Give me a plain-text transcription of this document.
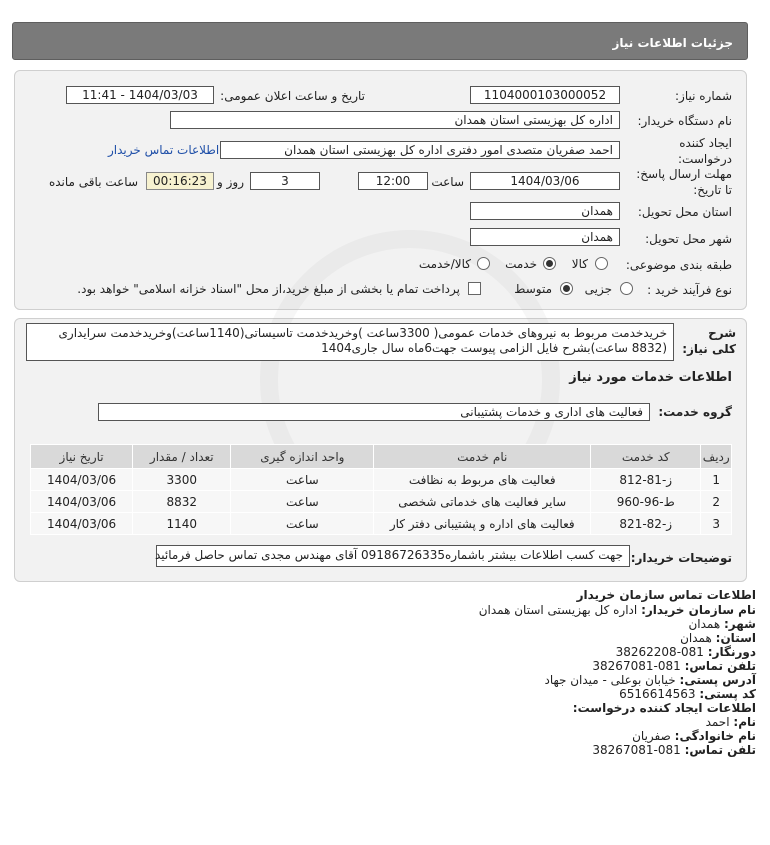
جزئیات اطلاعات نیاز
شماره نیاز:
1104000103000052
تاریخ و ساعت اعلان عمومی:
1404/03/03 - 11:41
نام دستگاه خریدار:
اداره کل بهزیستی استان همدان
ایجاد کننده
درخواست:
احمد صفریان متصدی امور دفتری اداره کل بهزیستی استان همدان
اطلاعات تماس خریدار
مهلت ارسال پاسخ:
تا تاریخ:
1404/03/06
ساعت
12:00
3
روز و
00:16:23
ساعت باقی مانده
استان محل تحویل:
همدان
شهر محل تحویل:
همدان
طبقه بندی موضوعی:
کالا
خدمت
کالا/خدمت
نوع فرآیند خرید :
جزیی
متوسط
پرداخت تمام یا بخشی از مبلغ خرید،از محل "اسناد خزانه اسلامی" خواهد بود.
شرح
کلی نیاز:
خریدخدمت مربوط به نیروهای خدمات عمومی( 3300ساعت )وخریدخدمت تاسیساتی(1140ساعت)وخریدخدمت سرایداری
(8832 ساعت)بشرح فایل الزامی پیوست جهت6ماه سال جاری1404
اطلاعات خدمات مورد نیاز
گروه خدمت:
فعالیت های اداری و خدمات پشتیبانی
ردیف	کد خدمت	نام خدمت	واحد اندازه گیری	تعداد / مقدار	تاریخ نیاز
1	ز-81-812	فعالیت های مربوط به نظافت	ساعت	3300	1404/03/06
2	ط-96-960	سایر فعالیت های خدماتی شخصی	ساعت	8832	1404/03/06
3	ز-82-821	فعالیت های اداره و پشتیبانی دفتر کار	ساعت	1140	1404/03/06
توضیحات خریدار:
جهت کسب اطلاعات بیشتر باشماره09186726335 آقای مهندس مجدی تماس حاصل فرمائید
اطلاعات تماس سازمان خریدار
نام سازمان خریدار: اداره کل بهزیستی استان همدان
شهر: همدان
استان: همدان
دورنگار: 081-38262208
تلفن تماس: 081-38267081
آدرس پستی: خیابان بوعلی - میدان جهاد
کد پستی: 6516614563
اطلاعات ایجاد کننده درخواست:
نام: احمد
نام خانوادگی: صفریان
تلفن تماس: 081-38267081
